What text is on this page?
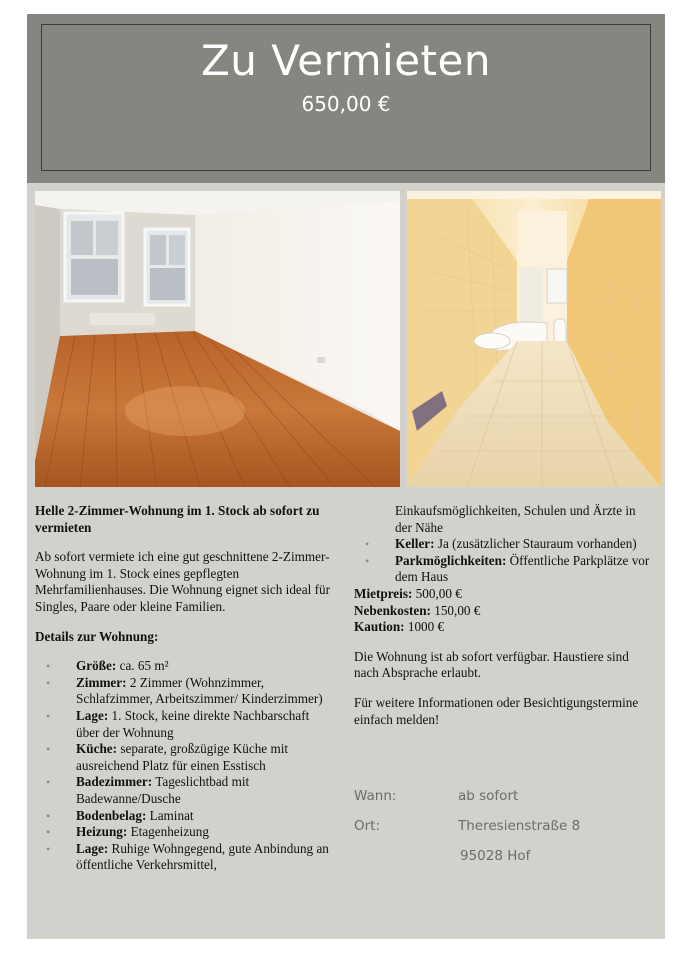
Zu Vermieten
650,00 €
Helle 2-Zimmer-Wohnung im 1. Stock ab sofort zu vermieten
Ab sofort vermiete ich eine gut geschnittene 2-Zimmer-Wohnung im 1. Stock eines gepflegten Mehrfamilienhauses. Die Wohnung eignet sich ideal für Singles, Paare oder kleine Familien.
Details zur Wohnung:
• Größe: ca. 65 m²
• Zimmer: 2 Zimmer (Wohnzimmer, Schlafzimmer, Arbeitszimmer/ Kinderzimmer)
• Lage: 1. Stock, keine direkte Nachbarschaft über der Wohnung
• Küche: separate, großzügige Küche mit ausreichend Platz für einen Esstisch
• Badezimmer: Tageslichtbad mit Badewanne/Dusche
• Bodenbelag: Laminat
• Heizung: Etagenheizung
• Lage: Ruhige Wohngegend, gute Anbindung an öffentliche Verkehrsmittel,
Einkaufsmöglichkeiten, Schulen und Ärzte in der Nähe
• Keller: Ja (zusätzlicher Stauraum vorhanden)
• Parkmöglichkeiten: Öffentliche Parkplätze vor dem Haus
Mietpreis: 500,00 €
Nebenkosten: 150,00 €
Kaution: 1000 €
Die Wohnung ist ab sofort verfügbar. Haustiere sind nach Absprache erlaubt.
Für weitere Informationen oder Besichtigungstermine einfach melden!
Wann:	ab sofort
Ort:	Theresienstraße 8
95028 Hof
